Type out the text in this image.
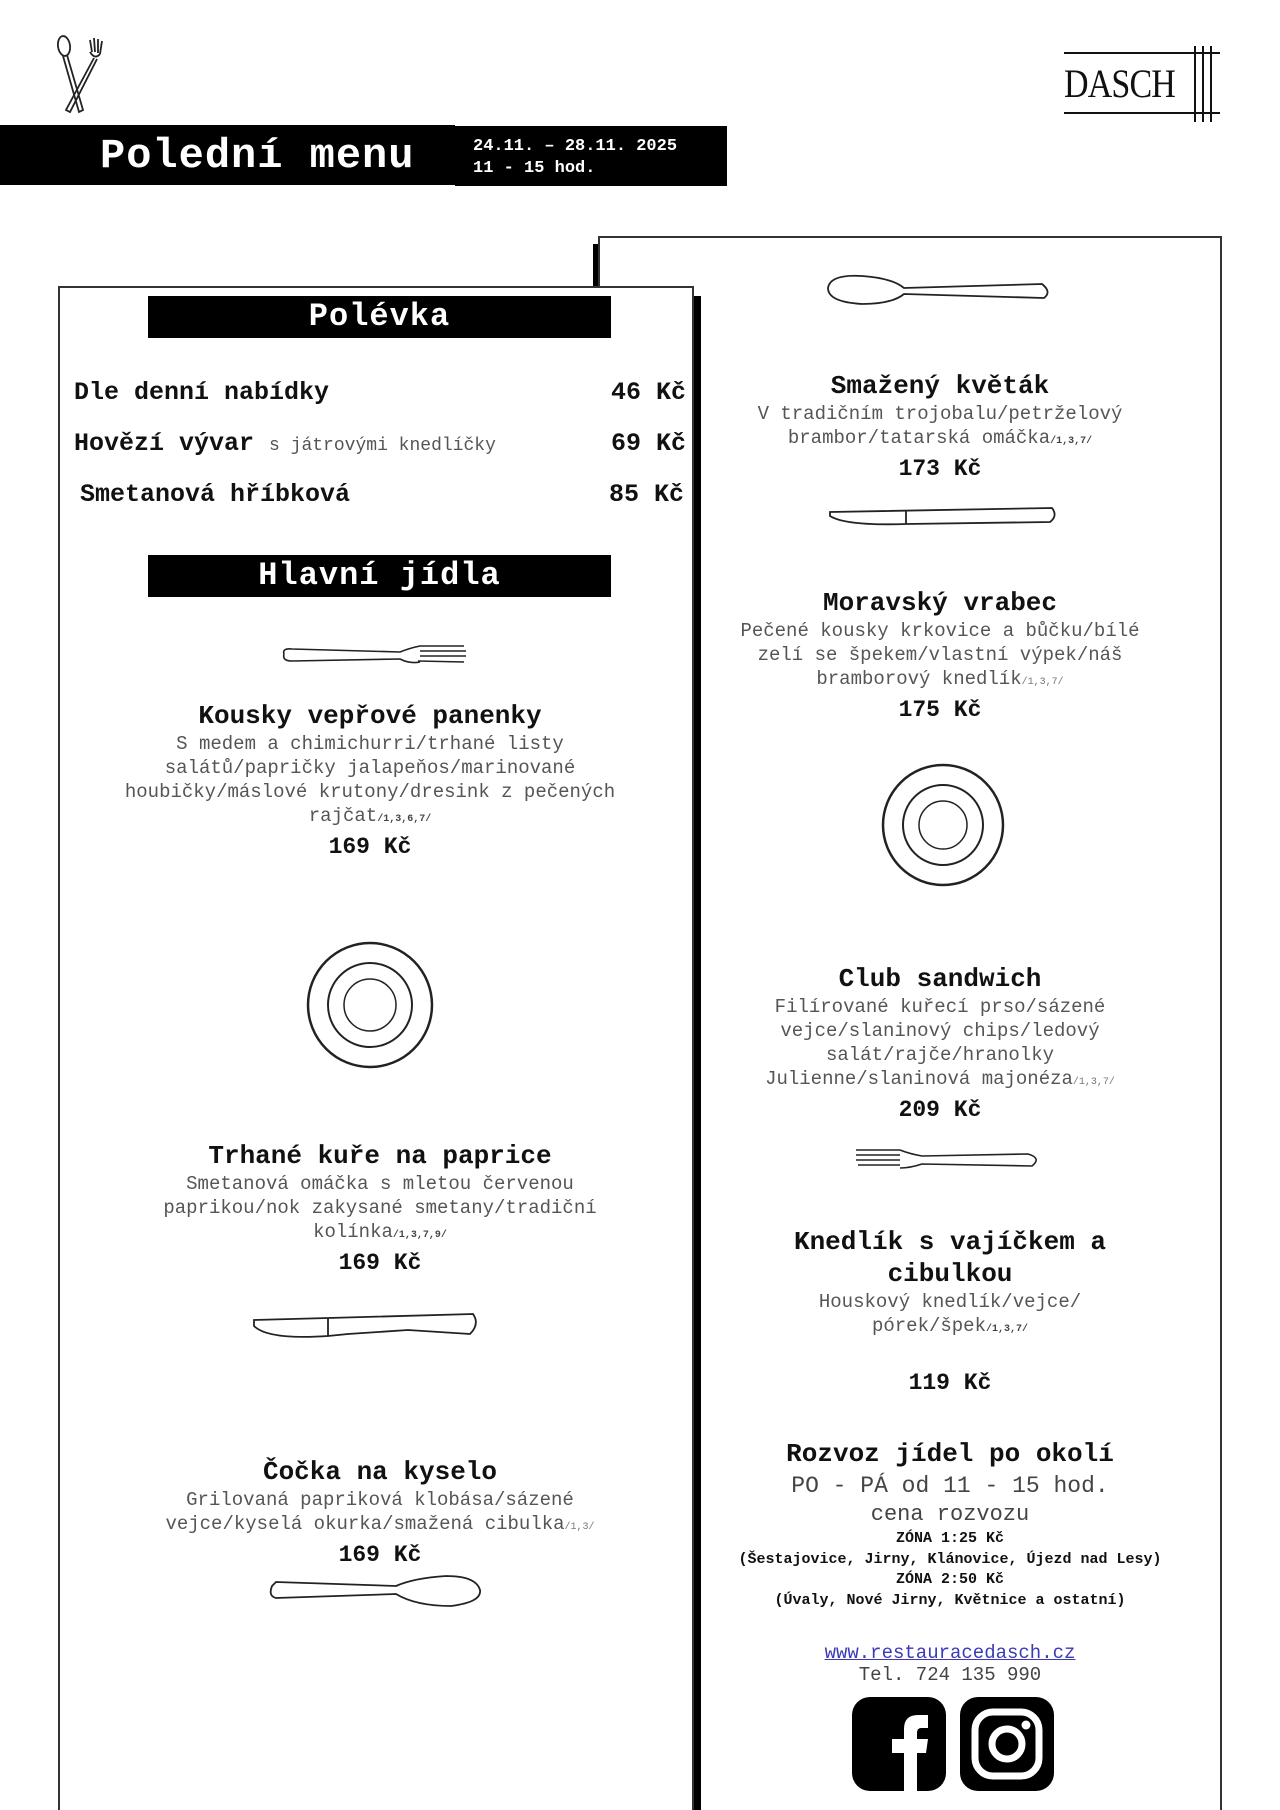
DASCH
Polední menu	24.11. – 28.11. 2025
11 - 15 hod.
Polévka
Dle denní nabídky	46 Kč
Hovězí vývar s játrovými knedlíčky	69 Kč
Smetanová hříbková	85 Kč
Hlavní jídla
Kousky vepřové panenky
S medem a chimichurri/trhané listy
salátů/papričky jalapeňos/marinované
houbičky/máslové krutony/dresink z pečených
rajčat/1,3,6,7/
169 Kč
Trhané kuře na paprice
Smetanová omáčka s mletou červenou
paprikou/nok zakysané smetany/tradiční
kolínka/1,3,7,9/
169 Kč
Čočka na kyselo
Grilovaná papriková klobása/sázené
vejce/kyselá okurka/smažená cibulka/1,3/
169 Kč
Smažený květák
V tradičním trojobalu/petrželový
brambor/tatarská omáčka/1,3,7/
173 Kč
Moravský vrabec
Pečené kousky krkovice a bůčku/bílé
zelí se špekem/vlastní výpek/náš
bramborový knedlík/1,3,7/
175 Kč
Club sandwich
Filírované kuřecí prso/sázené
vejce/slaninový chips/ledový
salát/rajče/hranolky
Julienne/slaninová majonéza/1,3,7/
209 Kč
Knedlík s vajíčkem a
cibulkou
Houskový knedlík/vejce/
pórek/špek/1,3,7/
119 Kč
Rozvoz jídel po okolí
PO - PÁ od 11 - 15 hod.
cena rozvozu
ZÓNA 1:25 Kč
(Šestajovice, Jirny, Klánovice, Újezd nad Lesy)
ZÓNA 2:50 Kč
(Úvaly, Nové Jirny, Květnice a ostatní)
www.restauracedasch.cz
Tel. 724 135 990
